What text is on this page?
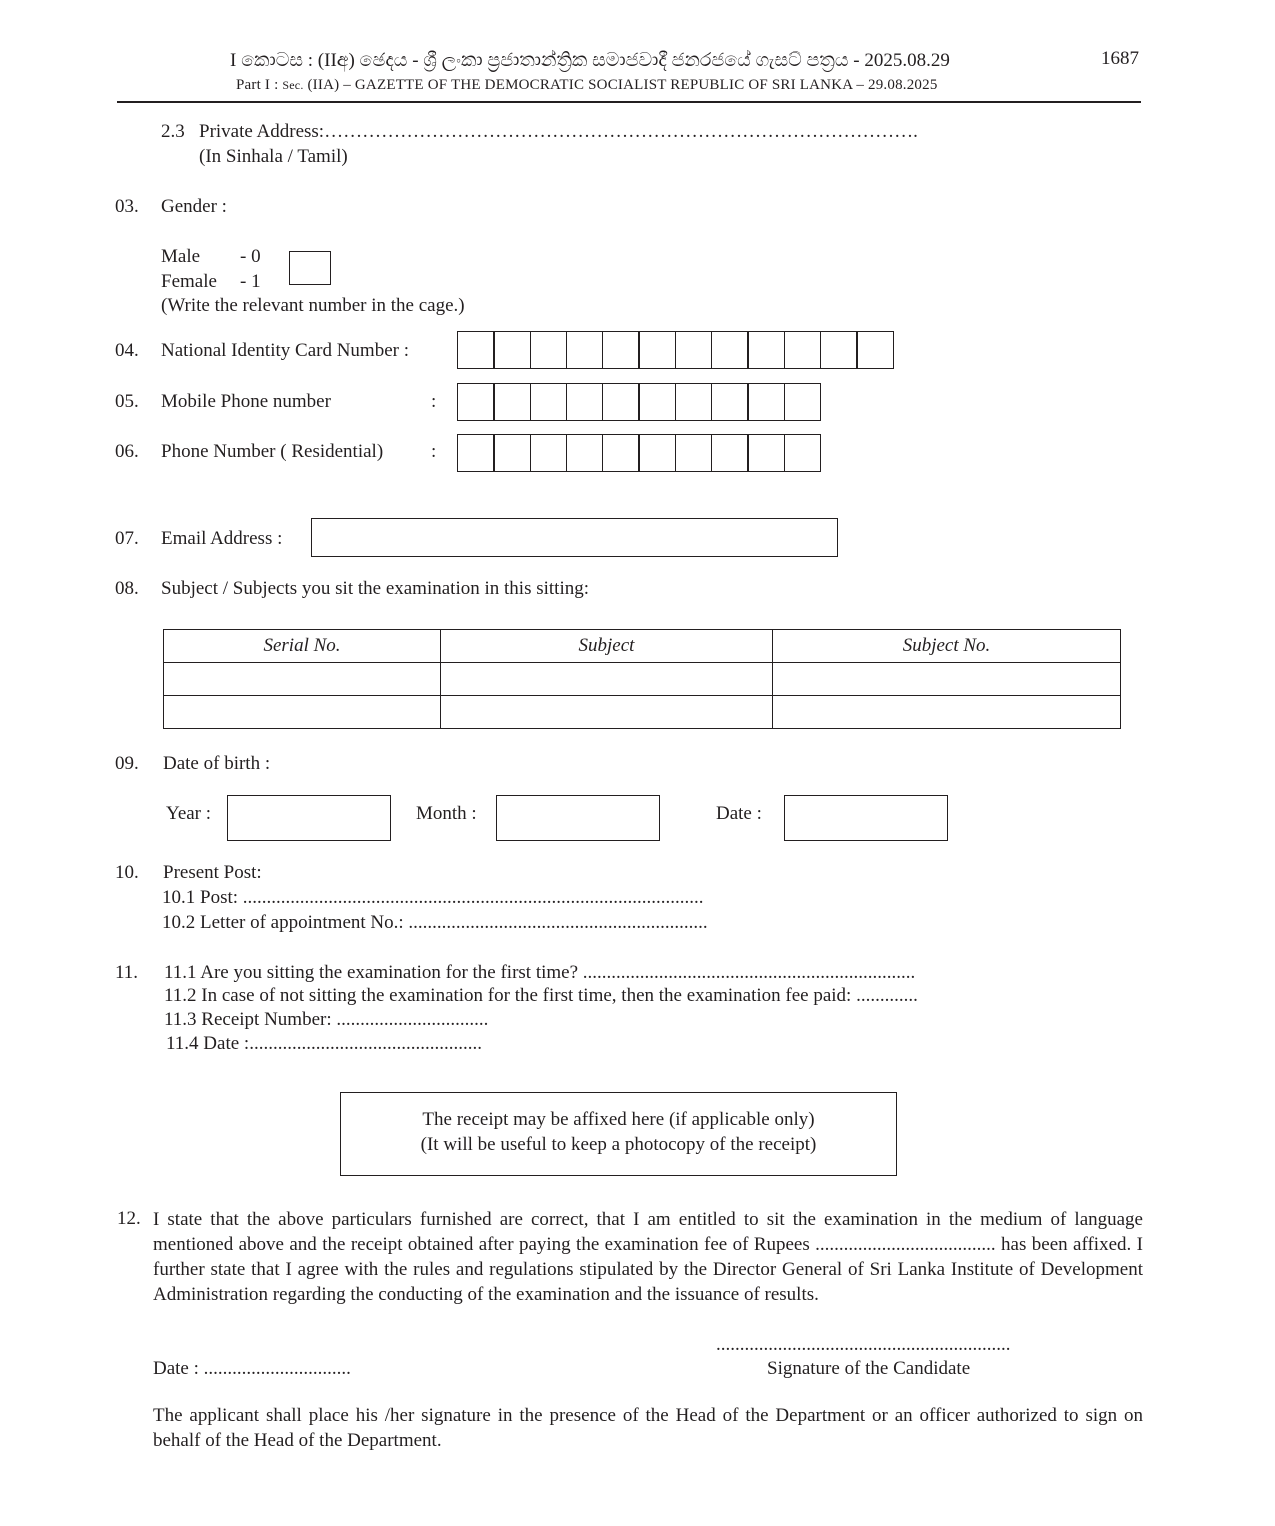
I කොටස : (IIඅ) ඡෙදය - ශ්‍රී ලංකා ප්‍රජාතාන්ත්‍රික සමාජවාදී ජනරජයේ ගැසට් පත්‍රය - 2025.08.29	1687
Part I : Sec. (IIA) – GAZETTE OF THE DEMOCRATIC SOCIALIST REPUBLIC OF SRI LANKA – 29.08.2025
2.3 Private Address:………………………………………………………………………………….
(In Sinhala / Tamil)
03. Gender :
Male - 0
Female - 1
(Write the relevant number in the cage.)
04. National Identity Card Number :
05. Mobile Phone number	:
06. Phone Number ( Residential)	:
07. Email Address :
08. Subject / Subjects you sit the examination in this sitting:
Serial No.	Subject	Subject No.

09. Date of birth :
Year :	Month :	Date :
10. Present Post:
10.1 Post: .................................................................................................
10.2 Letter of appointment No.: ...............................................................
11. 11.1 Are you sitting the examination for the first time? ......................................................................
11.2 In case of not sitting the examination for the first time, then the examination fee paid: .............
11.3 Receipt Number: ................................
11.4 Date :.................................................
The receipt may be affixed here (if applicable only)
(It will be useful to keep a photocopy of the receipt)
12. I state that the above particulars furnished are correct, that I am entitled to sit the examination in the medium of language mentioned above and the receipt obtained after paying the examination fee of Rupees ...................................... has been affixed. I further state that I agree with the rules and regulations stipulated by the Director General of Sri Lanka Institute of Development Administration regarding the conducting of the examination and the issuance of results.
..............................................................
Signature of the Candidate
Date : ...............................
The applicant shall place his /her signature in the presence of the Head of the Department or an officer authorized to sign on behalf of the Head of the Department.
